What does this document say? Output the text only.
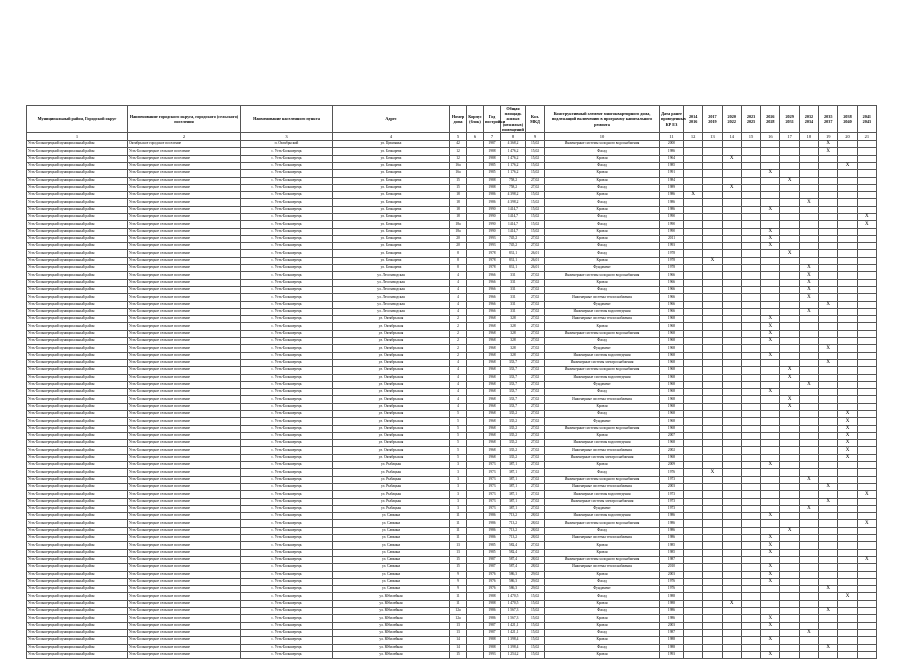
Муниципальный район, Городской округ	Наименование городского округа, городского (сельского) поселения	Наименование населенного пункта	Адрес	Номер дома	Корпус (блок)	Год постройки	Общая площадь жилых (нежилых) помещений	Кол. МКД	Конструктивный элемент многоквартирного дома, подлежащий включению в программу капитального ремонта	Дата ранее проведенных КР ЕЗ	2014 2016	2017 2019	2020 2022	2023 2025	2026 2028	2029 2031	2032 2034	2035 2037	2038 2040	2041 2043
1	2	3	4	5	6	7	8	9	10	11	12	13	14	15	16	17	18	19	20	21
Усть-Большерецкий муниципальный район	Октябрьское городское поселение	п. Октябрьский	ул. Цимлянка	42		1987	4 368,2	15,02	Инженерные системы холодного водоснабжения	2000								X		
Усть-Большерецкий муниципальный район	Усть-Большерецкое сельское поселение	с. Усть-Большерецк	ул. Бочкарева	12		1988	1 476,2	15,02	Фасад	1986								X		
Усть-Большерецкий муниципальный район	Усть-Большерецкое сельское поселение	с. Усть-Большерецк	ул. Бочкарева	12		1988	1 476,2	15,02	Кровля	1964			X							
Усть-Большерецкий муниципальный район	Усть-Большерецкое сельское поселение	с. Усть-Большерецк	ул. Бочкарева	16a		1985	1 176,2	15,02	Фасад	1985									X	
Усть-Большерецкий муниципальный район	Усть-Большерецкое сельское поселение	с. Усть-Большерецк	ул. Бочкарева	16a		1985	1 176,2	15,02	Кровля	1991					X					
Усть-Большерецкий муниципальный район	Усть-Большерецкое сельское поселение	с. Усть-Большерецк	ул. Бочкарева	15		1988	758,2	27,02	Кровля	1984						X				
Усть-Большерецкий муниципальный район	Усть-Большерецкое сельское поселение	с. Усть-Большерецк	ул. Бочкарева	15		1988	758,2	27,02	Фасад	1989			X							
Усть-Большерецкий муниципальный район	Усть-Большерецкое сельское поселение	с. Усть-Большерецк	ул. Бочкарева	18		1986	4 398,2	15,02	Кровля	1986	X									
Усть-Большерецкий муниципальный район	Усть-Большерецкое сельское поселение	с. Усть-Большерецк	ул. Бочкарева	18		1986	4 398,2	15,02	Фасад	1986							X			
Усть-Большерецкий муниципальный район	Усть-Большерецкое сельское поселение	с. Усть-Большерецк	ул. Бочкарева	18		1990	1414,7	15,02	Кровля	1986					X					
Усть-Большерецкий муниципальный район	Усть-Большерецкое сельское поселение	с. Усть-Большерецк	ул. Бочкарева	18		1990	1414,7	15,02	Фасад	1990										X
Усть-Большерецкий муниципальный район	Усть-Большерецкое сельское поселение	с. Усть-Большерецк	ул. Бочкарева	18a		1990	1414,7	15,02	Фасад	1990										X
Усть-Большерецкий муниципальный район	Усть-Большерецкое сельское поселение	с. Усть-Большерецк	ул. Бочкарева	18a		1990	1414,7	15,02	Кровля	1990					X					
Усть-Большерецкий муниципальный район	Усть-Большерецкое сельское поселение	с. Усть-Большерецк	ул. Бочкарева	20		1993	745,2	27,02	Кровля	2011					X					
Усть-Большерецкий муниципальный район	Усть-Большерецкое сельское поселение	с. Усть-Большерецк	ул. Бочкарева	20		1993	745,2	27,02	Фасад	1993					X					
Усть-Большерецкий муниципальный район	Усть-Большерецкое сельское поселение	с. Усть-Большерецк	ул. Бочкарева	8		1978	831,1	26,01	Фасад	1978						X				
Усть-Большерецкий муниципальный район	Усть-Большерецкое сельское поселение	с. Усть-Большерецк	ул. Бочкарева	8		1978	831,1	26,01	Кровля	1978		X								
Усть-Большерецкий муниципальный район	Усть-Большерецкое сельское поселение	с. Усть-Большерецк	ул. Бочкарева	8		1978	831,1	26,01	Фундамент	1978							X			
Усть-Большерецкий муниципальный район	Усть-Большерецкое сельское поселение	с. Усть-Большерецк	ул. Лесозаводская	4		1966	331	27,02	Инженерные системы холодного водоснабжения	1966							X			
Усть-Большерецкий муниципальный район	Усть-Большерецкое сельское поселение	с. Усть-Большерецк	ул. Лесозаводская	4		1966	331	27,02	Кровля	1966							X			
Усть-Большерецкий муниципальный район	Усть-Большерецкое сельское поселение	с. Усть-Большерецк	ул. Лесозаводская	4		1966	331	27,02	Фасад	1966							X			
Усть-Большерецкий муниципальный район	Усть-Большерецкое сельское поселение	с. Усть-Большерецк	ул. Лесозаводская	4		1966	331	27,02	Инженерные системы теплоснабжения	1966							X			
Усть-Большерецкий муниципальный район	Усть-Большерецкое сельское поселение	с. Усть-Большерецк	ул. Лесозаводская	4		1966	331	27,02	Фундамент	1966								X		
Усть-Большерецкий муниципальный район	Усть-Большерецкое сельское поселение	с. Усть-Большерецк	ул. Лесозаводская	4		1966	331	27,02	Инженерные системы водоотведения	1966							X			
Усть-Большерецкий муниципальный район	Усть-Большерецкое сельское поселение	с. Усть-Большерецк	ул. Октябрьская	2		1968	328	27,02	Инженерные системы теплоснабжения	1968					X					
Усть-Большерецкий муниципальный район	Усть-Большерецкое сельское поселение	с. Усть-Большерецк	ул. Октябрьская	2		1968	328	27,02	Кровля	1968					X					
Усть-Большерецкий муниципальный район	Усть-Большерецкое сельское поселение	с. Усть-Большерецк	ул. Октябрьская	2		1968	328	27,02	Инженерные системы холодного водоснабжения	1968					X					
Усть-Большерецкий муниципальный район	Усть-Большерецкое сельское поселение	с. Усть-Большерецк	ул. Октябрьская	2		1968	328	27,02	Фасад	1968					X					
Усть-Большерецкий муниципальный район	Усть-Большерецкое сельское поселение	с. Усть-Большерецк	ул. Октябрьская	2		1968	328	27,02	Фундамент	1968								X		
Усть-Большерецкий муниципальный район	Усть-Большерецкое сельское поселение	с. Усть-Большерецк	ул. Октябрьская	2		1968	328	27,02	Инженерные системы водоотведения	1968					X					
Усть-Большерецкий муниципальный район	Усть-Большерецкое сельское поселение	с. Усть-Большерецк	ул. Октябрьская	4		1968	333,7	27,02	Инженерные системы электроснабжения	1968								X		
Усть-Большерецкий муниципальный район	Усть-Большерецкое сельское поселение	с. Усть-Большерецк	ул. Октябрьская	4		1968	333,7	27,02	Инженерные системы холодного водоснабжения	1968						X				
Усть-Большерецкий муниципальный район	Усть-Большерецкое сельское поселение	с. Усть-Большерецк	ул. Октябрьская	4		1968	333,7	27,02	Инженерные системы водоотведения	1968						X				
Усть-Большерецкий муниципальный район	Усть-Большерецкое сельское поселение	с. Усть-Большерецк	ул. Октябрьская	4		1968	333,7	27,02	Фундамент	1968							X			
Усть-Большерецкий муниципальный район	Усть-Большерецкое сельское поселение	с. Усть-Большерецк	ул. Октябрьская	4		1968	333,7	27,02	Фасад	1968					X					
Усть-Большерецкий муниципальный район	Усть-Большерецкое сельское поселение	с. Усть-Большерецк	ул. Октябрьская	4		1968	333,7	27,02	Инженерные системы теплоснабжения	1968						X				
Усть-Большерецкий муниципальный район	Усть-Большерецкое сельское поселение	с. Усть-Большерецк	ул. Октябрьская	4		1968	333,7	27,02	Кровля	1968						X				
Усть-Большерецкий муниципальный район	Усть-Большерецкое сельское поселение	с. Усть-Большерецк	ул. Октябрьская	5		1968	335,2	27,02	Фасад	1968									X	
Усть-Большерецкий муниципальный район	Усть-Большерецкое сельское поселение	с. Усть-Большерецк	ул. Октябрьская	5		1968	335,2	27,02	Фундамент	1968									X	
Усть-Большерецкий муниципальный район	Усть-Большерецкое сельское поселение	с. Усть-Большерецк	ул. Октябрьская	5		1968	335,2	27,02	Инженерные системы холодного водоснабжения	1968									X	
Усть-Большерецкий муниципальный район	Усть-Большерецкое сельское поселение	с. Усть-Большерецк	ул. Октябрьская	5		1968	335,2	27,02	Кровля	2007									X	
Усть-Большерецкий муниципальный район	Усть-Большерецкое сельское поселение	с. Усть-Большерецк	ул. Октябрьская	5		1968	335,2	27,02	Инженерные системы водоотведения	1968									X	
Усть-Большерецкий муниципальный район	Усть-Большерецкое сельское поселение	с. Усть-Большерецк	ул. Октябрьская	5		1968	335,2	27,02	Инженерные системы теплоснабжения	2002									X	
Усть-Большерецкий муниципальный район	Усть-Большерецкое сельское поселение	с. Усть-Большерецк	ул. Октябрьская	5		1968	335,2	27,02	Инженерные системы электроснабжения	1968									X	
Усть-Большерецкий муниципальный район	Усть-Большерецкое сельское поселение	с. Усть-Большерецк	ул. Рыбацкая	3		1973	387,1	27,02	Кровля	2009					X					
Усть-Большерецкий муниципальный район	Усть-Большерецкое сельское поселение	с. Усть-Большерецк	ул. Рыбацкая	3		1973	387,1	27,02	Фасад	1976		X								
Усть-Большерецкий муниципальный район	Усть-Большерецкое сельское поселение	с. Усть-Большерецк	ул. Рыбацкая	3		1973	387,1	27,02	Инженерные системы холодного водоснабжения	1973							X			
Усть-Большерецкий муниципальный район	Усть-Большерецкое сельское поселение	с. Усть-Большерецк	ул. Рыбацкая	3		1973	387,1	27,02	Инженерные системы теплоснабжения	2003								X		
Усть-Большерецкий муниципальный район	Усть-Большерецкое сельское поселение	с. Усть-Большерецк	ул. Рыбацкая	3		1973	387,1	27,02	Инженерные системы водоотведения	1973										X
Усть-Большерецкий муниципальный район	Усть-Большерецкое сельское поселение	с. Усть-Большерецк	ул. Рыбацкая	3		1973	387,1	27,02	Инженерные системы электроснабжения	1973								X		
Усть-Большерецкий муниципальный район	Усть-Большерецкое сельское поселение	с. Усть-Большерецк	ул. Рыбацкая	3		1973	387,1	27,02	Фундамент	1973							X			
Усть-Большерецкий муниципальный район	Усть-Большерецкое сельское поселение	с. Усть-Большерецк	ул. Савкина	11		1986	713,2	28,02	Инженерные системы водоотведения	1986					X					
Усть-Большерецкий муниципальный район	Усть-Большерецкое сельское поселение	с. Усть-Большерецк	ул. Савкина	11		1986	713,2	28,02	Инженерные системы холодного водоснабжения	1986										X
Усть-Большерецкий муниципальный район	Усть-Большерецкое сельское поселение	с. Усть-Большерецк	ул. Савкина	11		1986	713,2	28,02	Фасад	1986						X				
Усть-Большерецкий муниципальный район	Усть-Большерецкое сельское поселение	с. Усть-Большерецк	ул. Савкина	11		1986	713,2	28,02	Инженерные системы теплоснабжения	1986					X					
Усть-Большерецкий муниципальный район	Усть-Большерецкое сельское поселение	с. Усть-Большерецк	ул. Савкина	13		1985	582,4	27,02	Кровля	1985					X					
Усть-Большерецкий муниципальный район	Усть-Большерецкое сельское поселение	с. Усть-Большерецк	ул. Савкина	13		1985	582,4	27,02	Кровля	1985					X					
Усть-Большерецкий муниципальный район	Усть-Большерецкое сельское поселение	с. Усть-Большерецк	ул. Савкина	15		1987	587,4	28,02	Инженерные системы холодного водоснабжения	1987										X
Усть-Большерецкий муниципальный район	Усть-Большерецкое сельское поселение	с. Усть-Большерецк	ул. Савкина	15		1987	587,4	28,02	Инженерные системы теплоснабжения	2010					X					
Усть-Большерецкий муниципальный район	Усть-Большерецкое сельское поселение	с. Усть-Большерецк	ул. Савкина	9		1976	586,3	29,02	Кровля	2003					X					
Усть-Большерецкий муниципальный район	Усть-Большерецкое сельское поселение	с. Усть-Большерецк	ул. Савкина	9		1976	586,3	29,02	Фасад	1976					X					
Усть-Большерецкий муниципальный район	Усть-Большерецкое сельское поселение	с. Усть-Большерецк	ул. Савкина	9		1976	586,3	29,02	Фундамент	1976								X		
Усть-Большерецкий муниципальный район	Усть-Большерецкое сельское поселение	с. Усть-Большерецк	ул. Юбилейная	11		1988	1 470,5	15,02	Фасад	1988									X	
Усть-Большерецкий муниципальный район	Усть-Большерецкое сельское поселение	с. Усть-Большерецк	ул. Юбилейная	11		1988	1 470,5	15,02	Кровля	1988			X							
Усть-Большерецкий муниципальный район	Усть-Большерецкое сельское поселение	с. Усть-Большерецк	ул. Юбилейная	12a		1986	1 567,3	15,02	Фасад	1986								X		
Усть-Большерецкий муниципальный район	Усть-Большерецкое сельское поселение	с. Усть-Большерецк	ул. Юбилейная	12a		1986	1 567,3	15,02	Кровля	1986					X					
Усть-Большерецкий муниципальный район	Усть-Большерецкое сельское поселение	с. Усть-Большерецк	ул. Юбилейная	13		1987	1 421,1	15,02	Кровля	2003					X					
Усть-Большерецкий муниципальный район	Усть-Большерецкое сельское поселение	с. Усть-Большерецк	ул. Юбилейная	13		1987	1 421,1	15,02	Фасад	1987							X			
Усть-Большерецкий муниципальный район	Усть-Большерецкое сельское поселение	с. Усть-Большерецк	ул. Юбилейная	14		1988	1 398,4	15,02	Кровля	1988					X					
Усть-Большерецкий муниципальный район	Усть-Большерецкое сельское поселение	с. Усть-Большерецк	ул. Юбилейная	14		1988	1 398,4	15,02	Фасад	1988								X		
Усть-Большерецкий муниципальный район	Усть-Большерецкое сельское поселение	с. Усть-Большерецк	ул. Юбилейная	15		1993	1 254,2	15,02	Кровля	1993					X					
